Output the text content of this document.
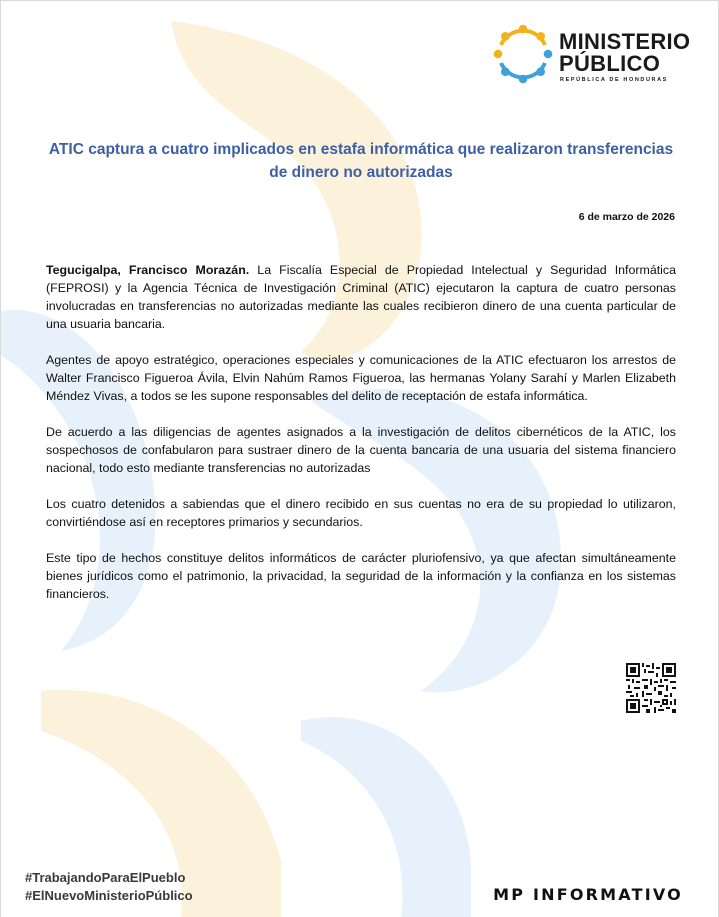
MINISTERIO
PÚBLICO
REPÚBLICA DE HONDURAS
ATIC captura a cuatro implicados en estafa informática que realizaron transferencias de dinero no autorizadas
6 de marzo de 2026

Tegucigalpa, Francisco Morazán. La Fiscalía Especial de Propiedad Intelectual y Seguridad Informática (FEPROSI) y la Agencia Técnica de Investigación Criminal (ATIC) ejecutaron la captura de cuatro personas involucradas en transferencias no autorizadas mediante las cuales recibieron dinero de una cuenta particular de una usuaria bancaria.

Agentes de apoyo estratégico, operaciones especiales y comunicaciones de la ATIC efectuaron los arrestos de Walter Francisco Figueroa Ávila, Elvin Nahúm Ramos Figueroa, las hermanas Yolany Sarahí y Marlen Elizabeth Méndez Vivas, a todos se les supone responsables del delito de receptación de estafa informática.

De acuerdo a las diligencias de agentes asignados a la investigación de delitos cibernéticos de la ATIC, los sospechosos de confabularon para sustraer dinero de la cuenta bancaria de una usuaria del sistema financiero nacional, todo esto mediante transferencias no autorizadas

Los cuatro detenidos a sabiendas que el dinero recibido en sus cuentas no era de su propiedad lo utilizaron, convirtiéndose así en receptores primarios y secundarios.

Este tipo de hechos constituye delitos informáticos de carácter pluriofensivo, ya que afectan simultáneamente bienes jurídicos como el patrimonio, la privacidad, la seguridad de la información y la confianza en los sistemas financieros.

#TrabajandoParaElPueblo
#ElNuevoMinisterioPúblico	MP INFORMATIVO
